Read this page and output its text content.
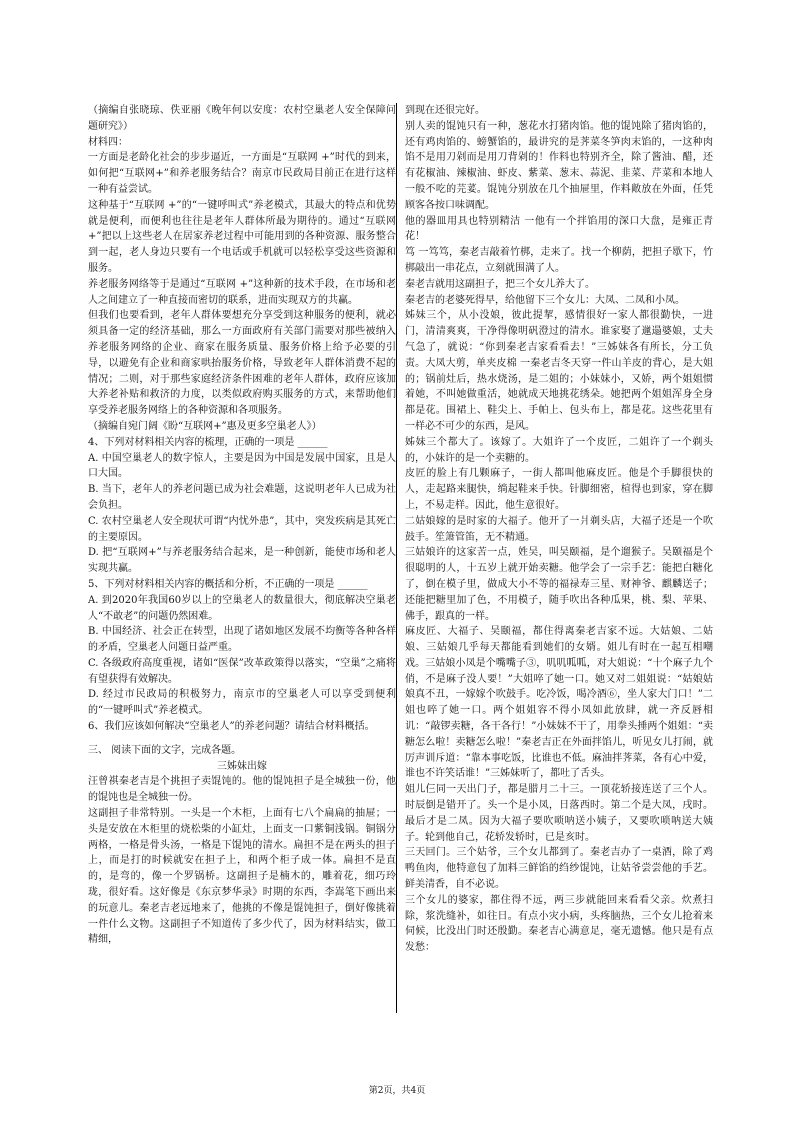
（摘编自张晓琼、佚亚丽《晚年何以安度：农村空巢老人安全保障问题研究》）

材料四：

一方面是老龄化社会的步步逼近，一方面是“互联网 +”时代的到来，如何把“互联网+”和养老服务结合？南京市民政局目前正在进行这样一种有益尝试。

这种基于“互联网 +”的“一键呼叫式”养老模式，其最大的特点和优势就是便利，而便利也往往是老年人群体所最为期待的。通过“互联网+”把以上这些老人在居家养老过程中可能用到的各种资源、服务整合到一起，老人身边只要有一个电话或手机就可以轻松享受这些资源和服务。

养老服务网络等于是通过“互联网 +”这种新的技术手段，在市场和老人之间建立了一种直接而密切的联系，进而实现双方的共赢。

但我们也要看到，老年人群体要想充分享受到这种服务的便利，就必须具备一定的经济基础，那么一方面政府有关部门需要对那些被纳入养老服务网络的企业、商家在服务质量、服务价格上给予必要的引导，以避免有企业和商家哄抬服务价格，导致老年人群体消费不起的情况；二则，对于那些家庭经济条件困难的老年人群体，政府应该加大养老补贴和救济的力度，以类似政府购买服务的方式，来帮助他们享受养老服务网络上的各种资源和各项服务。

（摘编自宛门阔《盼“互联网+”惠及更多空巢老人》）

4、下列对材料相关内容的梳理，正确的一项是 ______

A. 中国空巢老人的数字惊人，主要是因为中国是发展中国家，且是人口大国。

B. 当下，老年人的养老问题已成为社会难题，这说明老年人已成为社会负担。

C. 农村空巢老人安全现状可谓“内忧外患”，其中，突发疾病是其死亡的主要原因。

D. 把“互联网+”与养老服务结合起来，是一种创新，能使市场和老人实现共赢。

5、下列对材料相关内容的概括和分析，不正确的一项是 ______

A. 到2020年我国60岁以上的空巢老人的数量很大，彻底解决空巢老人“不敢老”的问题仍然困难。

B. 中国经济、社会正在转型，出现了诸如地区发展不均衡等各种各样的矛盾，空巢老人问题日益严重。

C. 各级政府高度重视，诸如“医保”改革政策得以落实，“空巢”之痛将有望获得有效解决。

D. 经过市民政局的积极努力，南京市的空巢老人可以享受到便利的“一键呼叫式”养老模式。

6、我们应该如何解决“空巢老人”的养老问题？请结合材料概括。

三、 阅读下面的文字，完成各题。

三姊妹出嫁

汪曾祺秦老吉是个挑担子卖馄饨的。他的馄饨担子是全城独一份，他的馄饨也是全城独一份。

这副担子非常特别。一头是一个木柜，上面有七八个扁扁的抽屉；一头是安放在木柜里的烧松柴的小缸灶，上面支一口紫铜浅锅。铜锅分两格，一格是骨头汤，一格是下馄饨的清水。扁担不是在两头的担子上，而是打的时候就安在担子上，和两个柜子成一体。扁担不是直的，是弯的，像一个罗锅桥。这副担子是楠木的，雕着花，细巧玲珑，很好看。这好像是《东京梦华录》时期的东西，李嵩笔下画出来的玩意儿。秦老吉老远地来了，他挑的不像是馄饨担子，倒好像挑着一件什么文物。这副担子不知道传了多少代了，因为材料结实，做工精细，

到现在还很完好。

别人卖的馄饨只有一种，葱花水打猪肉馅。他的馄饨除了猪肉馅的，还有鸡肉馅的、螃蟹馅的，最讲究的是荠菜冬笋肉末馅的，一这种肉馅不是用刀剁而是用刀背剁的！作料也特别齐全，除了酱油、醋，还有花椒油、辣椒油、虾皮、紫菜、葱末、蒜泥、韭菜、芹菜和本地人一般不吃的芫荽。馄饨分别放在几个抽屉里，作料敞放在外面，任凭顾客各按口味调配。

他的器皿用具也特别精洁 一他有一个拌馅用的深口大盘，是雍正青花！

笃 一笃笃，秦老吉敲着竹梆，走来了。找一个柳荫，把担子歇下，竹梆敲出一串花点，立刻就围满了人。

秦老吉就用这副担子，把三个女儿养大了。

秦老吉的老婆死得早，给他留下三个女儿：大凤、二凤和小凤。

姊妹三个，从小没娘，彼此提挈，感情很好一家人都很勤快，一进门，清清爽爽，干净得像明矾澄过的清水。谁家娶了邋遢婆娘，丈夫气急了，就说：“你到秦老吉家看看去！”三姊妹各有所长，分工负责。大凤大剪，单夹皮棉 一秦老吉冬天穿一件山羊皮的背心，是大姐的；锅前灶后，热水烧汤，是二姐的；小妹妹小，又娇，两个姐姐惯着她，不叫她做重活，她就成天地挑花绣朵。她把两个姐姐浑身全身都是花。围裙上、鞋尖上、手帕上、包头布上，都是花。这些花里有一样必不可少的东西，是风。

姊妹三个都大了。该嫁了。大姐许了一个皮匠，二姐许了一个剃头的，小妹许的是一个卖糖的。

皮匠的脸上有几颗麻子，一街人都叫他麻皮匠。他是个手脚很快的人，走起路来腿快，绱起鞋来手快。针脚细密，楦得也到家，穿在脚上，不易走样。因此，他生意很好。

二姑娘嫁的是时家的大福子。他开了一爿剃头店，大福子还是一个吹鼓手。笙箫管笛，无不精通。

三姑娘许的这家苦一点，姓吴，叫吴颐福，是个遛猴子。吴颐福是个很聪明的人，十五岁上就开始卖糖。他学会了一宗手艺：能把白糖化了，倒在模子里，做成大小不等的福禄寿三星、财神爷、麒麟送子；还能把糖里加了色，不用模子，随手吹出各种瓜果，桃、梨、苹果、佛手，跟真的一样。

麻皮匠、大福子、吴颐福，都住得离秦老吉家不远。大姑娘、二姑娘、三姑娘几乎每天都能看到她们的女婿。姐儿有时在一起互相嘲戏。三姑娘小凤是个嘴嘴子③，叽叽呱呱，对大姐说：“十个麻子九个俏，不是麻子没人要！”大姐啐了她一口。她又对二姐姐说：“姑娘姑娘真不丑，一嫁嫁个吹鼓手。吃冷饭，喝冷酒⑥，坐人家大门口！”二姐也啐了她一口。两个姐姐容不得小凤如此放肆，就一齐反唇相讥：“敲锣卖糖，各干各行！”小妹妹不干了，用拳头捶两个姐姐：“卖糖怎么啦！卖糖怎么啦！”秦老吉正在外面拌馅儿，听见女儿打闹，就厉声训斥道：“靠本事吃饭，比谁也不低。麻油拌荠菜，各有心中爱，谁也不许笑话谁！”三姊妹听了，都吐了舌头。

姐儿仨同一天出门子，都是腊月二十三。一顶花轿接连送了三个人。时辰倒是错开了。头一个是小凤，日落西时。第二个是大凤，戌时。最后才是二凤。因为大福子要吹唢呐送小姨子，又要吹唢呐送大姨子。轮到他自己，花轿发轿时，已是亥时。

三天回门。三个姑爷，三个女儿都到了。秦老吉办了一桌酒，除了鸡鸭鱼肉，他特意包了加料三鲜馅的绉纱馄饨，让姑爷尝尝他的手艺。鲜美清香，自不必说。

三个女儿的婆家，都住得不远，两三步就能回来看看父亲。炊煮扫除，浆洗缝补，如往日。有点小灾小病，头疼脑热，三个女儿抢着来伺候，比没出门时还殷勤。秦老吉心满意足，毫无遗憾。他只是有点发愁：

第2页，共4页
